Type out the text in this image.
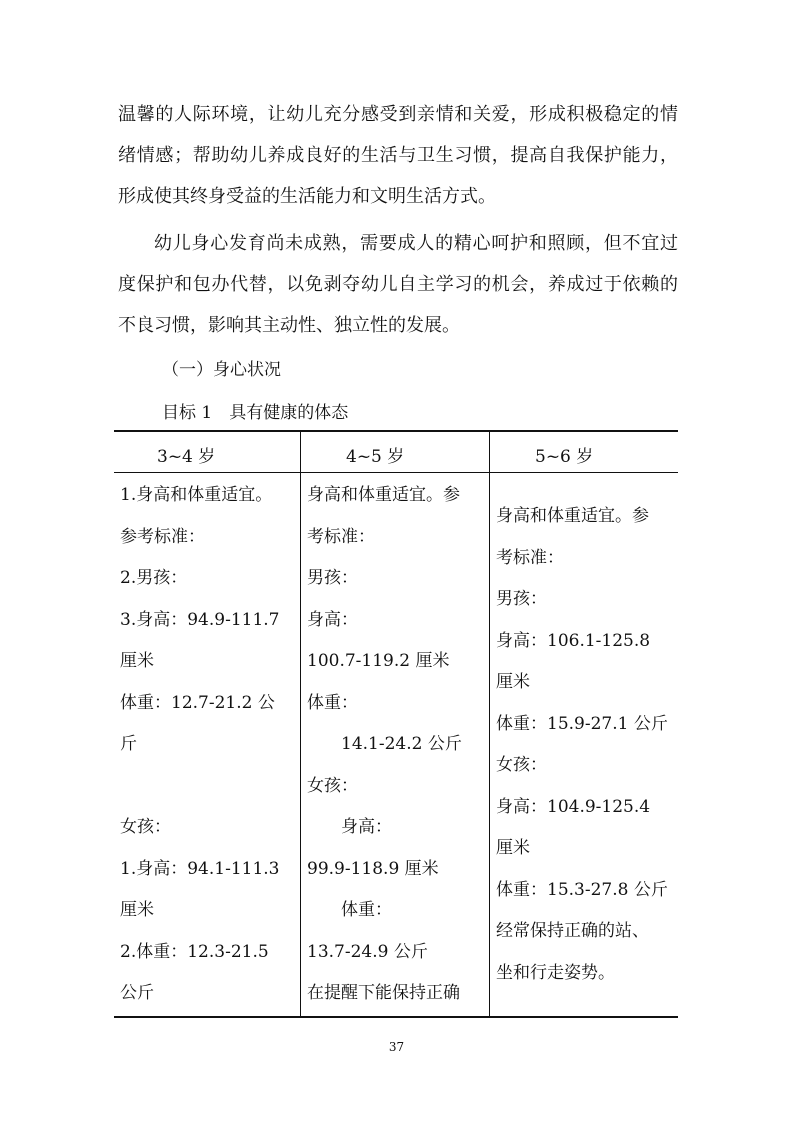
温馨的人际环境，让幼儿充分感受到亲情和关爱，形成积极稳定的情
绪情感；帮助幼儿养成良好的生活与卫生习惯，提高自我保护能力，
形成使其终身受益的生活能力和文明生活方式。
幼儿身心发育尚未成熟，需要成人的精心呵护和照顾，但不宜过
度保护和包办代替，以免剥夺幼儿自主学习的机会，养成过于依赖的
不良习惯，影响其主动性、独立性的发展。
（一）身心状况
目标 1　具有健康的体态
3~4 岁	4~5 岁	5~6 岁
1.身高和体重适宜。
参考标准：
2.男孩：
3.身高：94.9-111.7
厘米
体重：12.7-21.2 公
斤

女孩：
1.身高：94.1-111.3
厘米
2.体重：12.3-21.5
公斤
身高和体重适宜。参
考标准：
男孩：
身高：
100.7-119.2 厘米
体重：
　　14.1-24.2 公斤
女孩：
　　身高：
99.9-118.9 厘米
　　体重：
13.7-24.9 公斤
在提醒下能保持正确
身高和体重适宜。参
考标准：
男孩：
身高：106.1-125.8
厘米
体重：15.9-27.1 公斤
女孩：
身高：104.9-125.4
厘米
体重：15.3-27.8 公斤
经常保持正确的站、
坐和行走姿势。
37
